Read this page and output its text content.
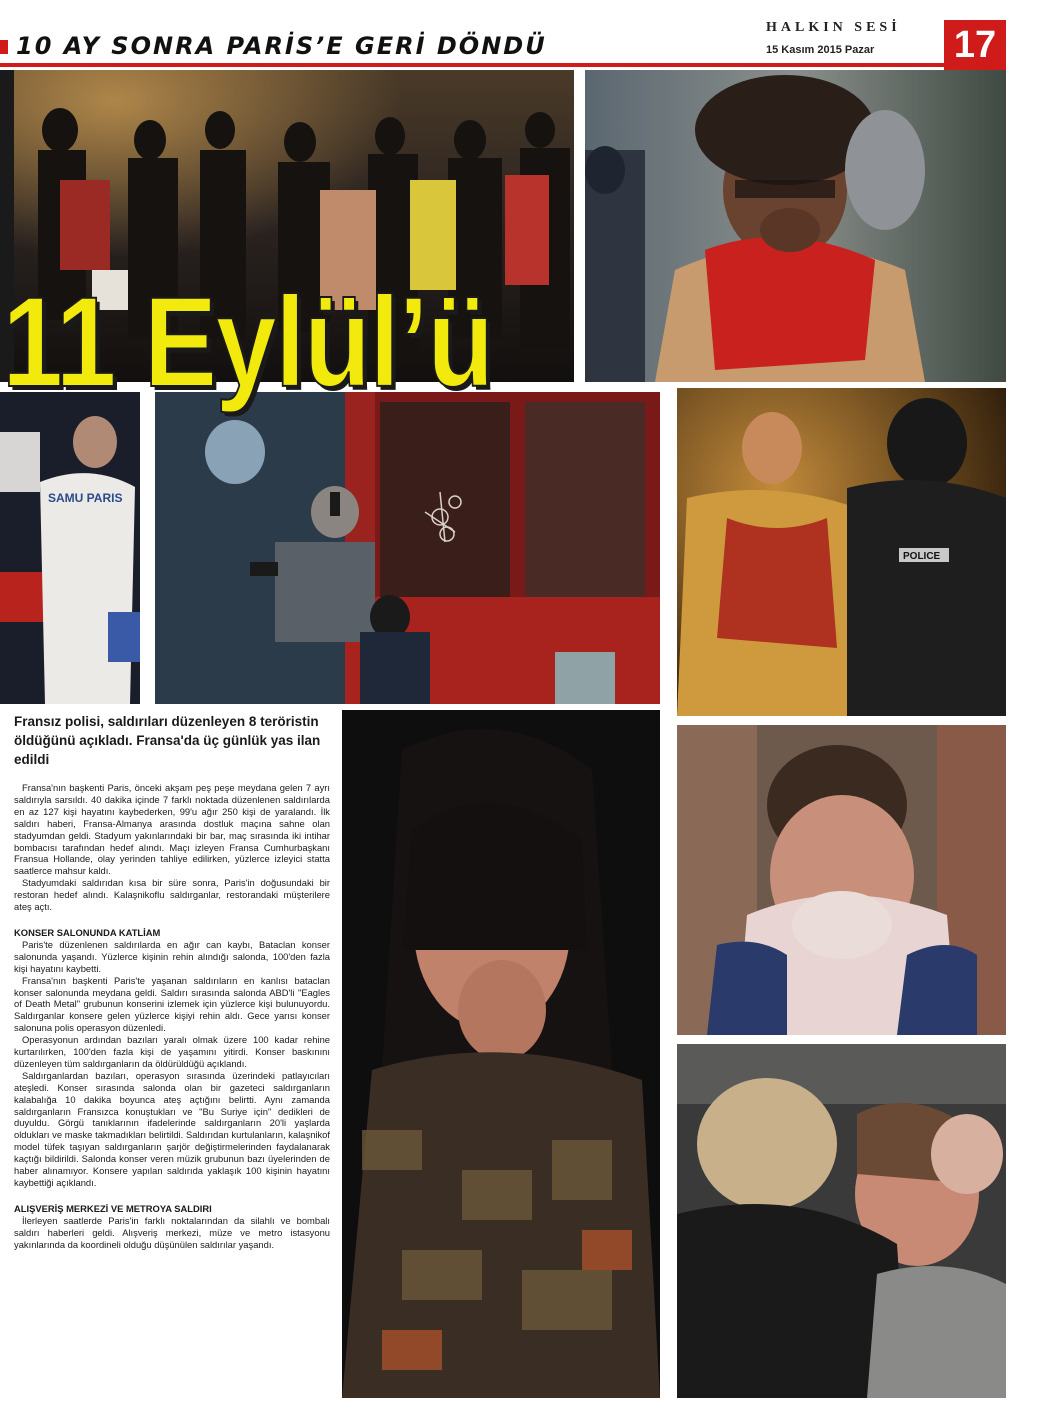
10 AY SONRA PARİS’E GERİ DÖNDÜ
HALKIN SESİ
15 Kasım 2015 Pazar 17
SAMU PARIS
11 Eylül’ü
POLICE
Fransız polisi, saldırıları düzenleyen 8 teröristin öldüğünü açıkladı. Fransa'da üç günlük yas ilan edildi

Fransa'nın başkenti Paris, önceki akşam peş peşe meydana gelen 7 ayrı saldırıyla sarsıldı. 40 dakika içinde 7 farklı noktada düzenlenen saldırılarda en az 127 kişi hayatını kaybederken, 99'u ağır 250 kişi de yaralandı. İlk saldırı haberi, Fransa-Almanya arasında dostluk maçına sahne olan stadyumdan geldi. Stadyum yakınlarındaki bir bar, maç sırasında iki intihar bombacısı tarafından hedef alındı. Maçı izleyen Fransa Cumhurbaşkanı Fransua Hollande, olay yerinden tahliye edilirken, yüzlerce izleyici statta saatlerce mahsur kaldı.

Stadyumdaki saldırıdan kısa bir süre sonra, Paris'in doğusundaki bir restoran hedef alındı. Kalaşnikoflu saldırganlar, restorandaki müşterilere ateş açtı.

KONSER SALONUNDA KATLİAM

Paris'te düzenlenen saldırılarda en ağır can kaybı, Bataclan konser salonunda yaşandı. Yüzlerce kişinin rehin alındığı salonda, 100'den fazla kişi hayatını kaybetti.

Fransa'nın başkenti Paris'te yaşanan saldırıların en kanlısı bataclan konser salonunda meydana geldi. Saldırı sırasında salonda ABD'li "Eagles of Death Metal" grubunun konserini izlemek için yüzlerce kişi bulunuyordu. Saldırganlar konsere gelen yüzlerce kişiyi rehin aldı. Gece yarısı konser salonuna polis operasyon düzenledi.

Operasyonun ardından bazıları yaralı olmak üzere 100 kadar rehine kurtarılırken, 100'den fazla kişi de yaşamını yitirdi. Konser baskınını düzenleyen tüm saldırganların da öldürüldüğü açıklandı.

Saldırganlardan bazıları, operasyon sırasında üzerindeki patlayıcıları ateşledi. Konser sırasında salonda olan bir gazeteci saldırganların kalabalığa 10 dakika boyunca ateş açtığını belirtti. Aynı zamanda saldırganların Fransızca konuştukları ve "Bu Suriye için" dedikleri de duyuldu. Görgü tanıklarının ifadelerinde saldırganların 20'li yaşlarda oldukları ve maske takmadıkları belirtildi. Saldırıdan kurtulanların, kalaşnikof model tüfek taşıyan saldırganların şarjör değiştirmelerinden faydalanarak kaçtığı bildirildi. Salonda konser veren müzik grubunun bazı üyelerinden de haber alınamıyor. Konsere yapılan saldırıda yaklaşık 100 kişinin hayatını kaybettiği açıklandı.

ALIŞVERİŞ MERKEZİ VE METROYA SALDIRI

İlerleyen saatlerde Paris'in farklı noktalarından da silahlı ve bombalı saldırı haberleri geldi. Alışveriş merkezi, müze ve metro istasyonu yakınlarında da koordineli olduğu düşünülen saldırılar yaşandı.
